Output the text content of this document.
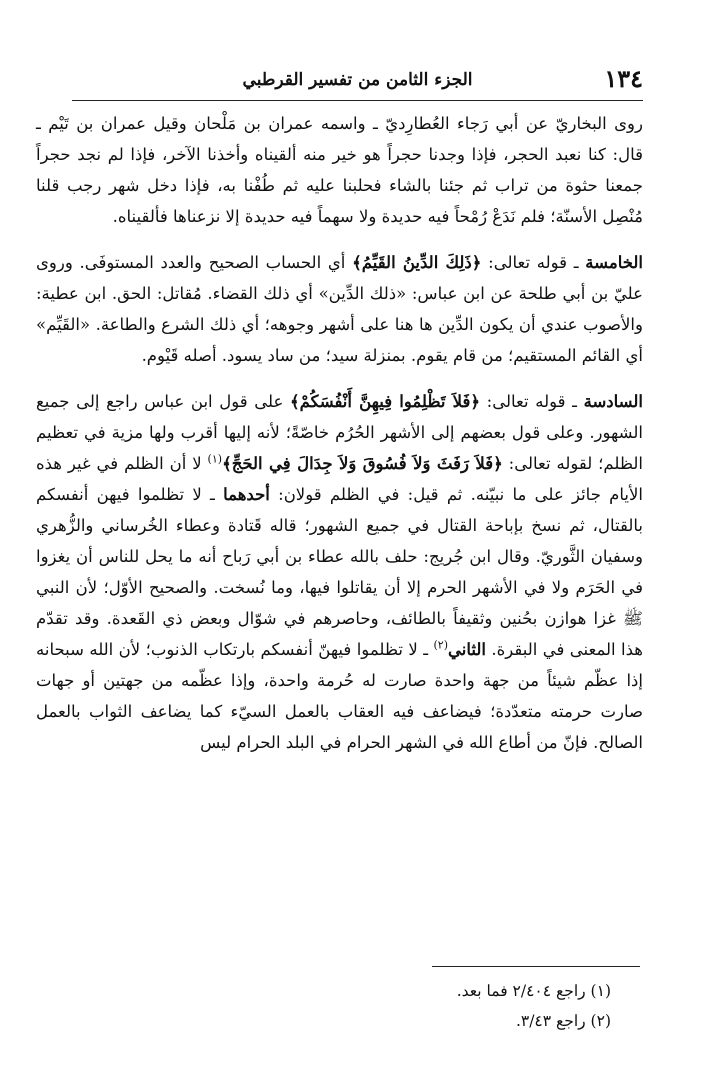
١٣٤
الجزء الثامن من تفسير القرطبي

روى البخاريّ عن أبي رَجاء العُطارِديّ ـ واسمه عمران بن مَلْحان وقيل عمران بن تَيْم ـ قال: كنا نعبد الحجر، فإذا وجدنا حجراً هو خير منه ألقيناه وأخذنا الآخر، فإذا لم نجد حجراً جمعنا حثوة من تراب ثم جئنا بالشاء فحلبنا عليه ثم طُفْنا به، فإذا دخل شهر رجب قلنا مُنْصِل الأسنّة؛ فلم نَدَعْ رُمْحاً فيه حديدة ولا سهماً فيه حديدة إلا نزعناها فألقيناه.

الخامسة ـ قوله تعالى: ﴿ذَلِكَ الدِّينُ القَيِّمُ﴾ أي الحساب الصحيح والعدد المستوفَى. وروى عليّ بن أبي طلحة عن ابن عباس: «ذلك الدِّين» أي ذلك القضاء. مُقاتل: الحق. ابن عطية: والأصوب عندي أن يكون الدِّين ها هنا على أشهر وجوهه؛ أي ذلك الشرع والطاعة. «القَيِّم» أي القائم المستقيم؛ من قام يقوم. بمنزلة سيد؛ من ساد يسود. أصله قَيْوم.

السادسة ـ قوله تعالى: ﴿فَلاَ تَظْلِمُوا فِيهِنَّ أَنْفُسَكُمْ﴾ على قول ابن عباس راجع إلى جميع الشهور. وعلى قول بعضهم إلى الأشهر الحُرُم خاصّةً؛ لأنه إليها أقرب ولها مزية في تعظيم الظلم؛ لقوله تعالى: ﴿فَلاَ رَفَثَ وَلاَ فُسُوقَ وَلاَ جِدَالَ فِي الحَجِّ﴾$^{(١)}$ لا أن الظلم في غير هذه الأيام جائز على ما نبيّنه. ثم قيل: في الظلم قولان: أحدهما ـ لا تظلموا فيهن أنفسكم بالقتال، ثم نسخ بإباحة القتال في جميع الشهور؛ قاله قَتادة وعطاء الخُرساني والزُّهري وسفيان الثَّوريّ. وقال ابن جُريج: حلف بالله عطاء بن أبي رَباح أنه ما يحل للناس أن يغزوا في الحَرَم ولا في الأشهر الحرم إلا أن يقاتلوا فيها، وما نُسخت. والصحيح الأوّل؛ لأن النبي ﷺ غزا هوازن بحُنين وثقيفاً بالطائف، وحاصرهم في شوّال وبعض ذي القَعدة. وقد تقدّم هذا المعنى في البقرة. الثاني$^{(٢)}$ ـ لا تظلموا فيهنّ أنفسكم بارتكاب الذنوب؛ لأن الله سبحانه إذا عظّم شيئاً من جهة واحدة صارت له حُرمة واحدة، وإذا عظّمه من جهتين أو جهات صارت حرمته متعدّدة؛ فيضاعف فيه العقاب بالعمل السيّء كما يضاعف الثواب بالعمل الصالح. فإنّ من أطاع الله في الشهر الحرام في البلد الحرام ليس

(١) راجع ٢/٤٠٤ فما بعد.

(٢) راجع ٣/٤٣.
